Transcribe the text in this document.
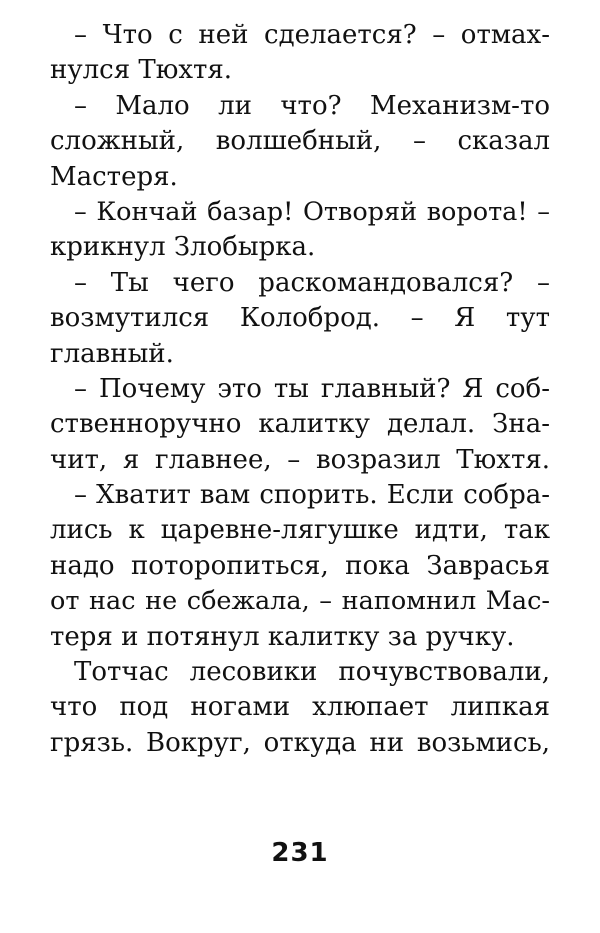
– Что с ней сделается? – отмах-
нулся Тюхтя.
– Мало ли что? Механизм-то
сложный, волшебный, – сказал
Мастеря.
– Кончай базар! Отворяй ворота! –
крикнул Злобырка.
– Ты чего раскомандовался? –
возмутился Колоброд. – Я тут
главный.
– Почему это ты главный? Я соб-
ственноручно калитку делал. Зна-
чит, я главнее, – возразил Тюхтя.
– Хватит вам спорить. Если собра-
лись к царевне-лягушке идти, так
надо поторопиться, пока Заврасья
от нас не сбежала, – напомнил Мас-
теря и потянул калитку за ручку.
Тотчас лесовики почувствовали,
что под ногами хлюпает липкая
грязь. Вокруг, откуда ни возьмись,
231
